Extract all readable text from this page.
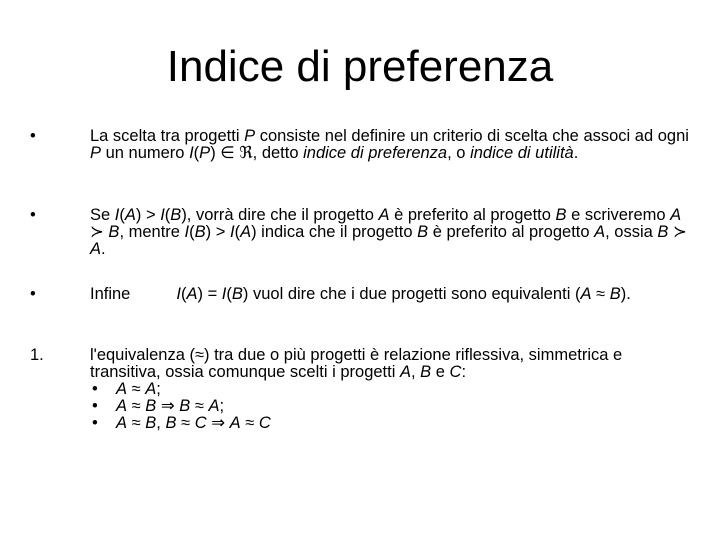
Indice di preferenza
•	La scelta tra progetti P consiste nel definire un criterio di scelta che associ ad ogni P un numero I(P) ∈ ℜ, detto indice di preferenza, o indice di utilità.
•	Se I(A) > I(B), vorrà dire che il progetto A è preferito al progetto B e scriveremo A ≻ B, mentre I(B) > I(A) indica che il progetto B è preferito al progetto A, ossia B ≻ A.
•	Infine	I(A) = I(B) vuol dire che i due progetti sono equivalenti (A ≈ B).
1.	l'equivalenza (≈) tra due o più progetti è relazione riflessiva, simmetrica e transitiva, ossia comunque scelti i progetti A, B e C:
•	A ≈ A;
•	A ≈ B ⇒ B ≈ A;
•	A ≈ B, B ≈ C ⇒ A ≈ C
